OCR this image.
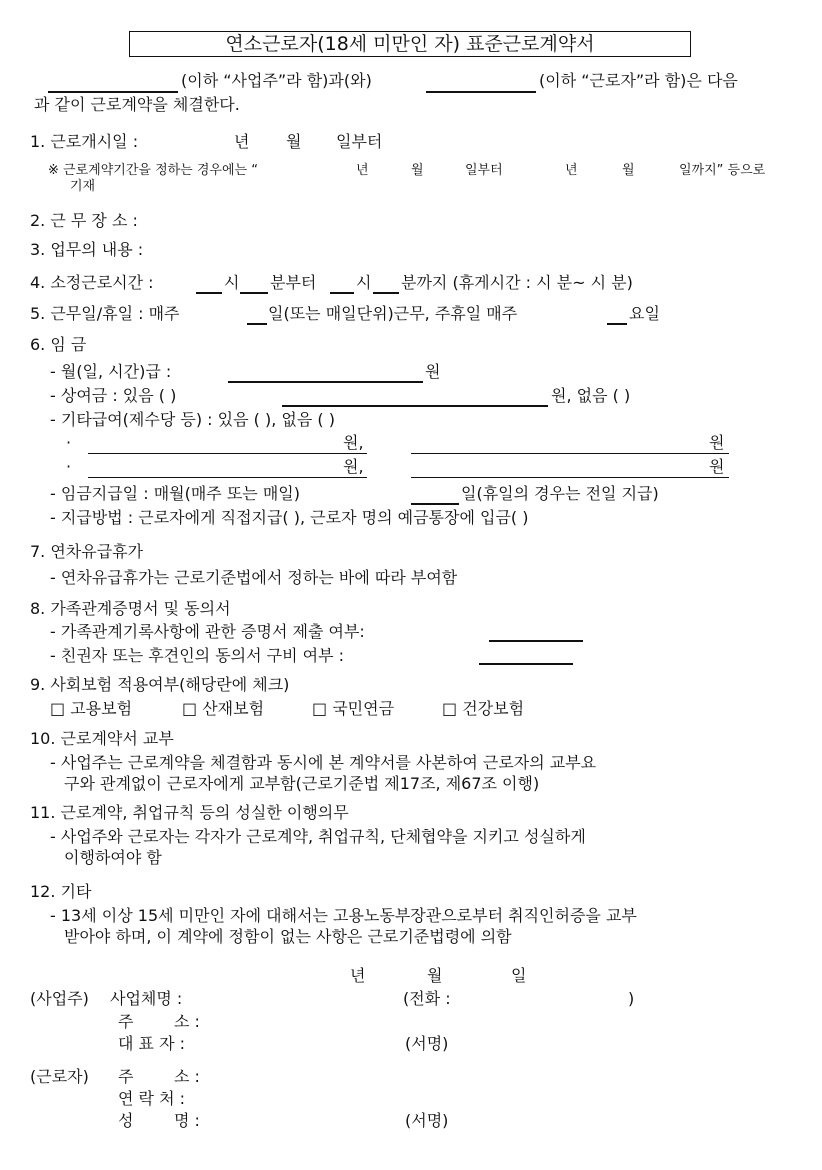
연소근로자(18세 미만인 자) 표준근로계약서
(이하 “사업주”라 함)과(와)	(이하 “근로자”라 함)은 다음
과 같이 근로계약을 체결한다.
1. 근로개시일 :	년 월 일부터
※ 근로계약기간을 정하는 경우에는 “	년	월	일부터	년	월	일까지” 등으로
기재
2. 근 무 장 소 :
3. 업무의 내용 :
4. 소정근로시간 :	시 분부터 시 분까지 (휴게시간 : 시 분~ 시 분)
5. 근무일/휴일 : 매주	일(또는 매일단위)근무, 주휴일 매주	요일
6. 임 금
- 월(일, 시간)급 :	원
- 상여금 : 있음 ( )	원, 없음 ( )
- 기타급여(제수당 등) : 있음 ( ), 없음 ( )
·	원,	원
·	원,	원
- 임금지급일 : 매월(매주 또는 매일)	일(휴일의 경우는 전일 지급)
- 지급방법 : 근로자에게 직접지급( ), 근로자 명의 예금통장에 입금( )
7. 연차유급휴가
- 연차유급휴가는 근로기준법에서 정하는 바에 따라 부여함
8. 가족관계증명서 및 동의서
- 가족관계기록사항에 관한 증명서 제출 여부:
- 친권자 또는 후견인의 동의서 구비 여부 :
9. 사회보험 적용여부(해당란에 체크)
□ 고용보험	□ 산재보험	□ 국민연금	□ 건강보험
10. 근로계약서 교부
- 사업주는 근로계약을 체결함과 동시에 본 계약서를 사본하여 근로자의 교부요
구와 관계없이 근로자에게 교부함(근로기준법 제17조, 제67조 이행)
11. 근로계약, 취업규칙 등의 성실한 이행의무
- 사업주와 근로자는 각자가 근로계약, 취업규칙, 단체협약을 지키고 성실하게
이행하여야 함
12. 기타
- 13세 이상 15세 미만인 자에 대해서는 고용노동부장관으로부터 취직인허증을 교부
받아야 하며, 이 계약에 정함이 없는 사항은 근로기준법령에 의함
년	월	일
(사업주) 사업체명 :	(전화 :	)
주	소 :
대 표 자 :	(서명)
(근로자) 주	소 :
연 락 처 :
성	명 :	(서명)
